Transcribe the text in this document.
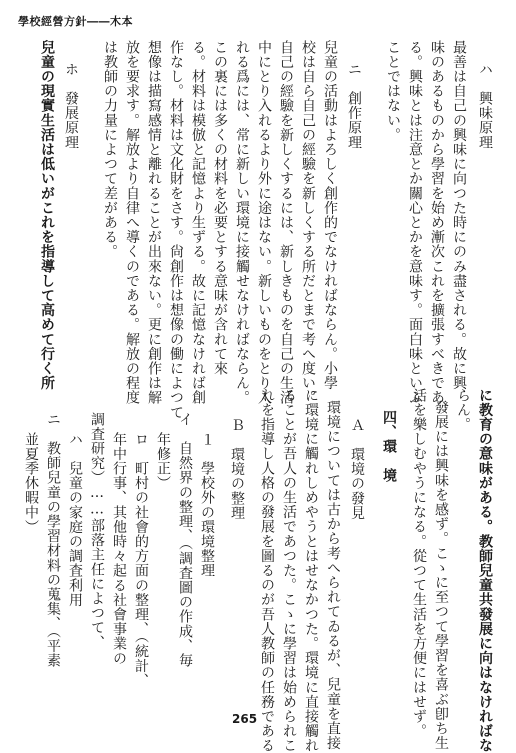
學校經營方針――木本
ハ　興味原理
最善は自己の興味に向つた時にのみ盡される。故に興
味のあるものから學習を始め漸次これを擴張すべきであ
る。興味とは注意とか關心とかを意味す。面白味といふ
ことではない。
ニ　創作原理
兒童の活動はよろしく創作的でなければならん。小學
校は自ら自己の經驗を新しくする所だとまで考へ度い。
自己の經驗を新しくするには、新しきものを自己の生活
中にとり入れるより外に途はない。新しいものをとり入
れる爲には、常に新しい環境に接觸せなければならん。
この裏には多くの材料を必要とする意味が含れて來
る。材料は模倣と記憶より生ずる。故に記憶なければ創
作なし。材料は文化財をさす。尙創作は想像の働によつて
想像は描寫感情と離れることが出來ない。更に創作は解
放を要求す。解放より自律へ導くのである。解放の程度
は教師の力量によつて差がある。
ホ　發展原理
兒童の現實生活は低いがこれを指導して高めて行く所
に教育の意味がある。教師兒童共發展に向はなければな
らん。
發展には興味を感ず。こゝに至つて學習を喜ぶ卽ち生
活を樂しむやうになる。從つて生活を方便にはせず。
四、環　境
Ａ　環境の發見
環境については古から考へられてゐるが、兒童を直接
に環境に觸れしめやうとはせなかつた。環境に直接觸れ
ることが吾人の生活であつた。こゝに學習は始められこ
れを指導し人格の發展を圖るのが吾人教師の任務である
Ｂ　環境の整理
１　學校外の環境整理
イ　自然界の整理、（調査圖の作成、毎
年修正）
ロ　町村の社會的方面の整理、（統計、
年中行事、其他時々起る社會事業の
調査研究）……部落主任によつて、
ハ　兒童の家庭の調査利用
ニ　教師兒童の學習材料の蒐集、（平素
並夏季休暇中）
265
